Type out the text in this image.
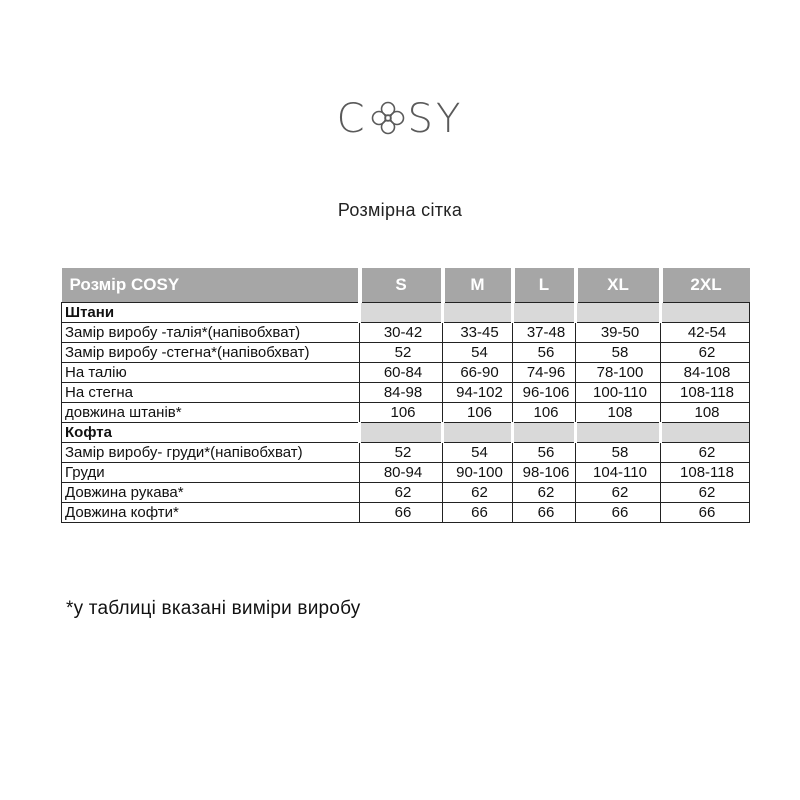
C SY
Розмірна сітка
Розмір COSY	S	M	L	XL	2XL
Штани					
Замір виробу -талія*(напівобхват)	30-42	33-45	37-48	39-50	42-54
Замір виробу -стегна*(напівобхват)	52	54	56	58	62
На талію	60-84	66-90	74-96	78-100	84-108
На стегна	84-98	94-102	96-106	100-110	108-118
довжина штанів*	106	106	106	108	108
Кофта					
Замір виробу- груди*(напівобхват)	52	54	56	58	62
Груди	80-94	90-100	98-106	104-110	108-118
Довжина рукава*	62	62	62	62	62
Довжина кофти*	66	66	66	66	66
*у таблиці вказані виміри виробу
